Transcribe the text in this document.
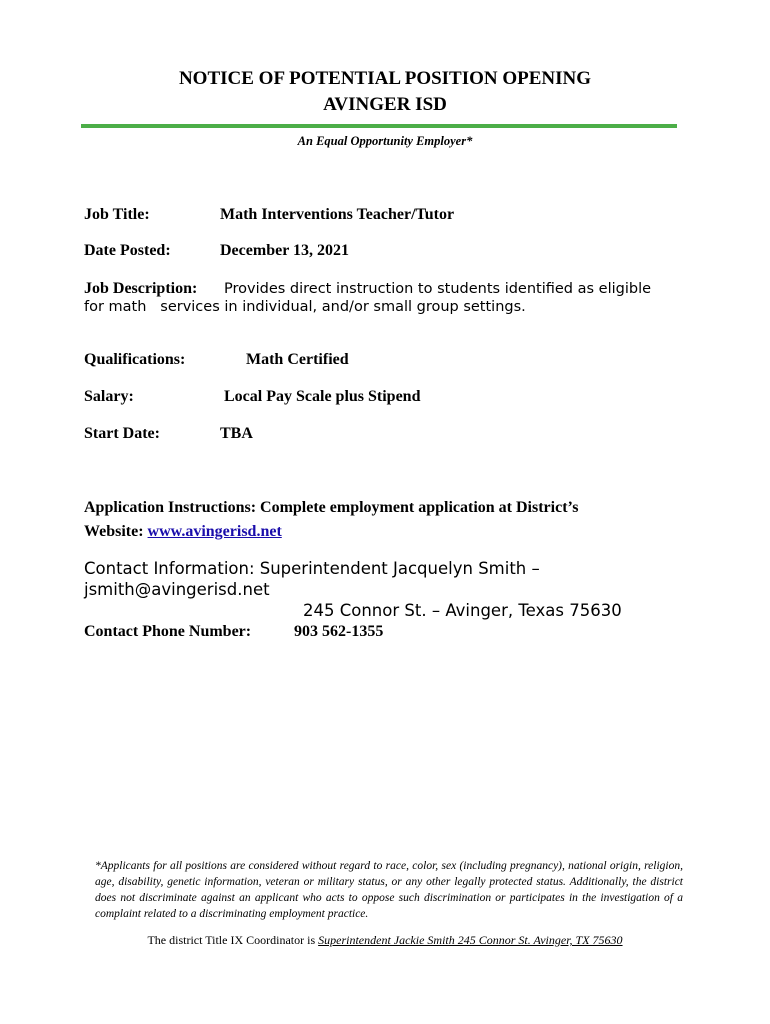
NOTICE OF POTENTIAL POSITION OPENING
AVINGER ISD
An Equal Opportunity Employer*
Job Title:	Math Interventions Teacher/Tutor
Date Posted:	December 13, 2021
Job Description: Provides direct instruction to students identified as eligible
for math   services in individual, and/or small group settings.
Qualifications:	Math Certified
Salary:	Local Pay Scale plus Stipend
Start Date:	TBA
Application Instructions: Complete employment application at District’s
Website: www.avingerisd.net
Contact Information: Superintendent Jacquelyn Smith –
jsmith@avingerisd.net
245 Connor St. – Avinger, Texas 75630
Contact Phone Number:	903 562-1355
*Applicants for all positions are considered without regard to race, color, sex (including pregnancy), national origin, religion, age, disability, genetic information, veteran or military status, or any other legally protected status. Additionally, the district does not discriminate against an applicant who acts to oppose such discrimination or participates in the investigation of a complaint related to a discriminating employment practice.
The district Title IX Coordinator is Superintendent Jackie Smith 245 Connor St. Avinger, TX 75630
